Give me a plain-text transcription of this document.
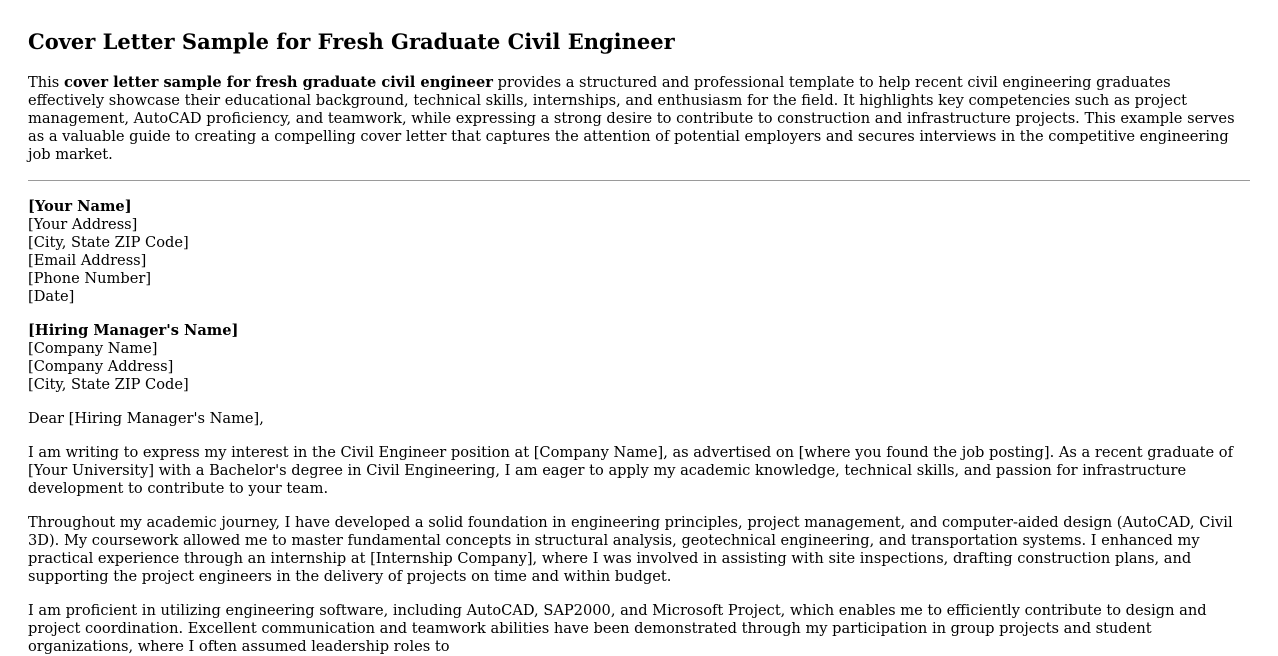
Cover Letter Sample for Fresh Graduate Civil Engineer

This cover letter sample for fresh graduate civil engineer provides a structured and professional template to help recent civil engineering graduates effectively showcase their educational background, technical skills, internships, and enthusiasm for the field. It highlights key competencies such as project management, AutoCAD proficiency, and teamwork, while expressing a strong desire to contribute to construction and infrastructure projects. This example serves as a valuable guide to creating a compelling cover letter that captures the attention of potential employers and secures interviews in the competitive engineering job market.

[Your Name]
[Your Address]
[City, State ZIP Code]
[Email Address]
[Phone Number]
[Date]
[Hiring Manager's Name]
[Company Name]
[Company Address]
[City, State ZIP Code]

Dear [Hiring Manager's Name],

I am writing to express my interest in the Civil Engineer position at [Company Name], as advertised on [where you found the job posting]. As a recent graduate of [Your University] with a Bachelor's degree in Civil Engineering, I am eager to apply my academic knowledge, technical skills, and passion for infrastructure development to contribute to your team.

Throughout my academic journey, I have developed a solid foundation in engineering principles, project management, and computer-aided design (AutoCAD, Civil 3D). My coursework allowed me to master fundamental concepts in structural analysis, geotechnical engineering, and transportation systems. I enhanced my practical experience through an internship at [Internship Company], where I was involved in assisting with site inspections, drafting construction plans, and supporting the project engineers in the delivery of projects on time and within budget.

I am proficient in utilizing engineering software, including AutoCAD, SAP2000, and Microsoft Project, which enables me to efficiently contribute to design and project coordination. Excellent communication and teamwork abilities have been demonstrated through my participation in group projects and student organizations, where I often assumed leadership roles to
